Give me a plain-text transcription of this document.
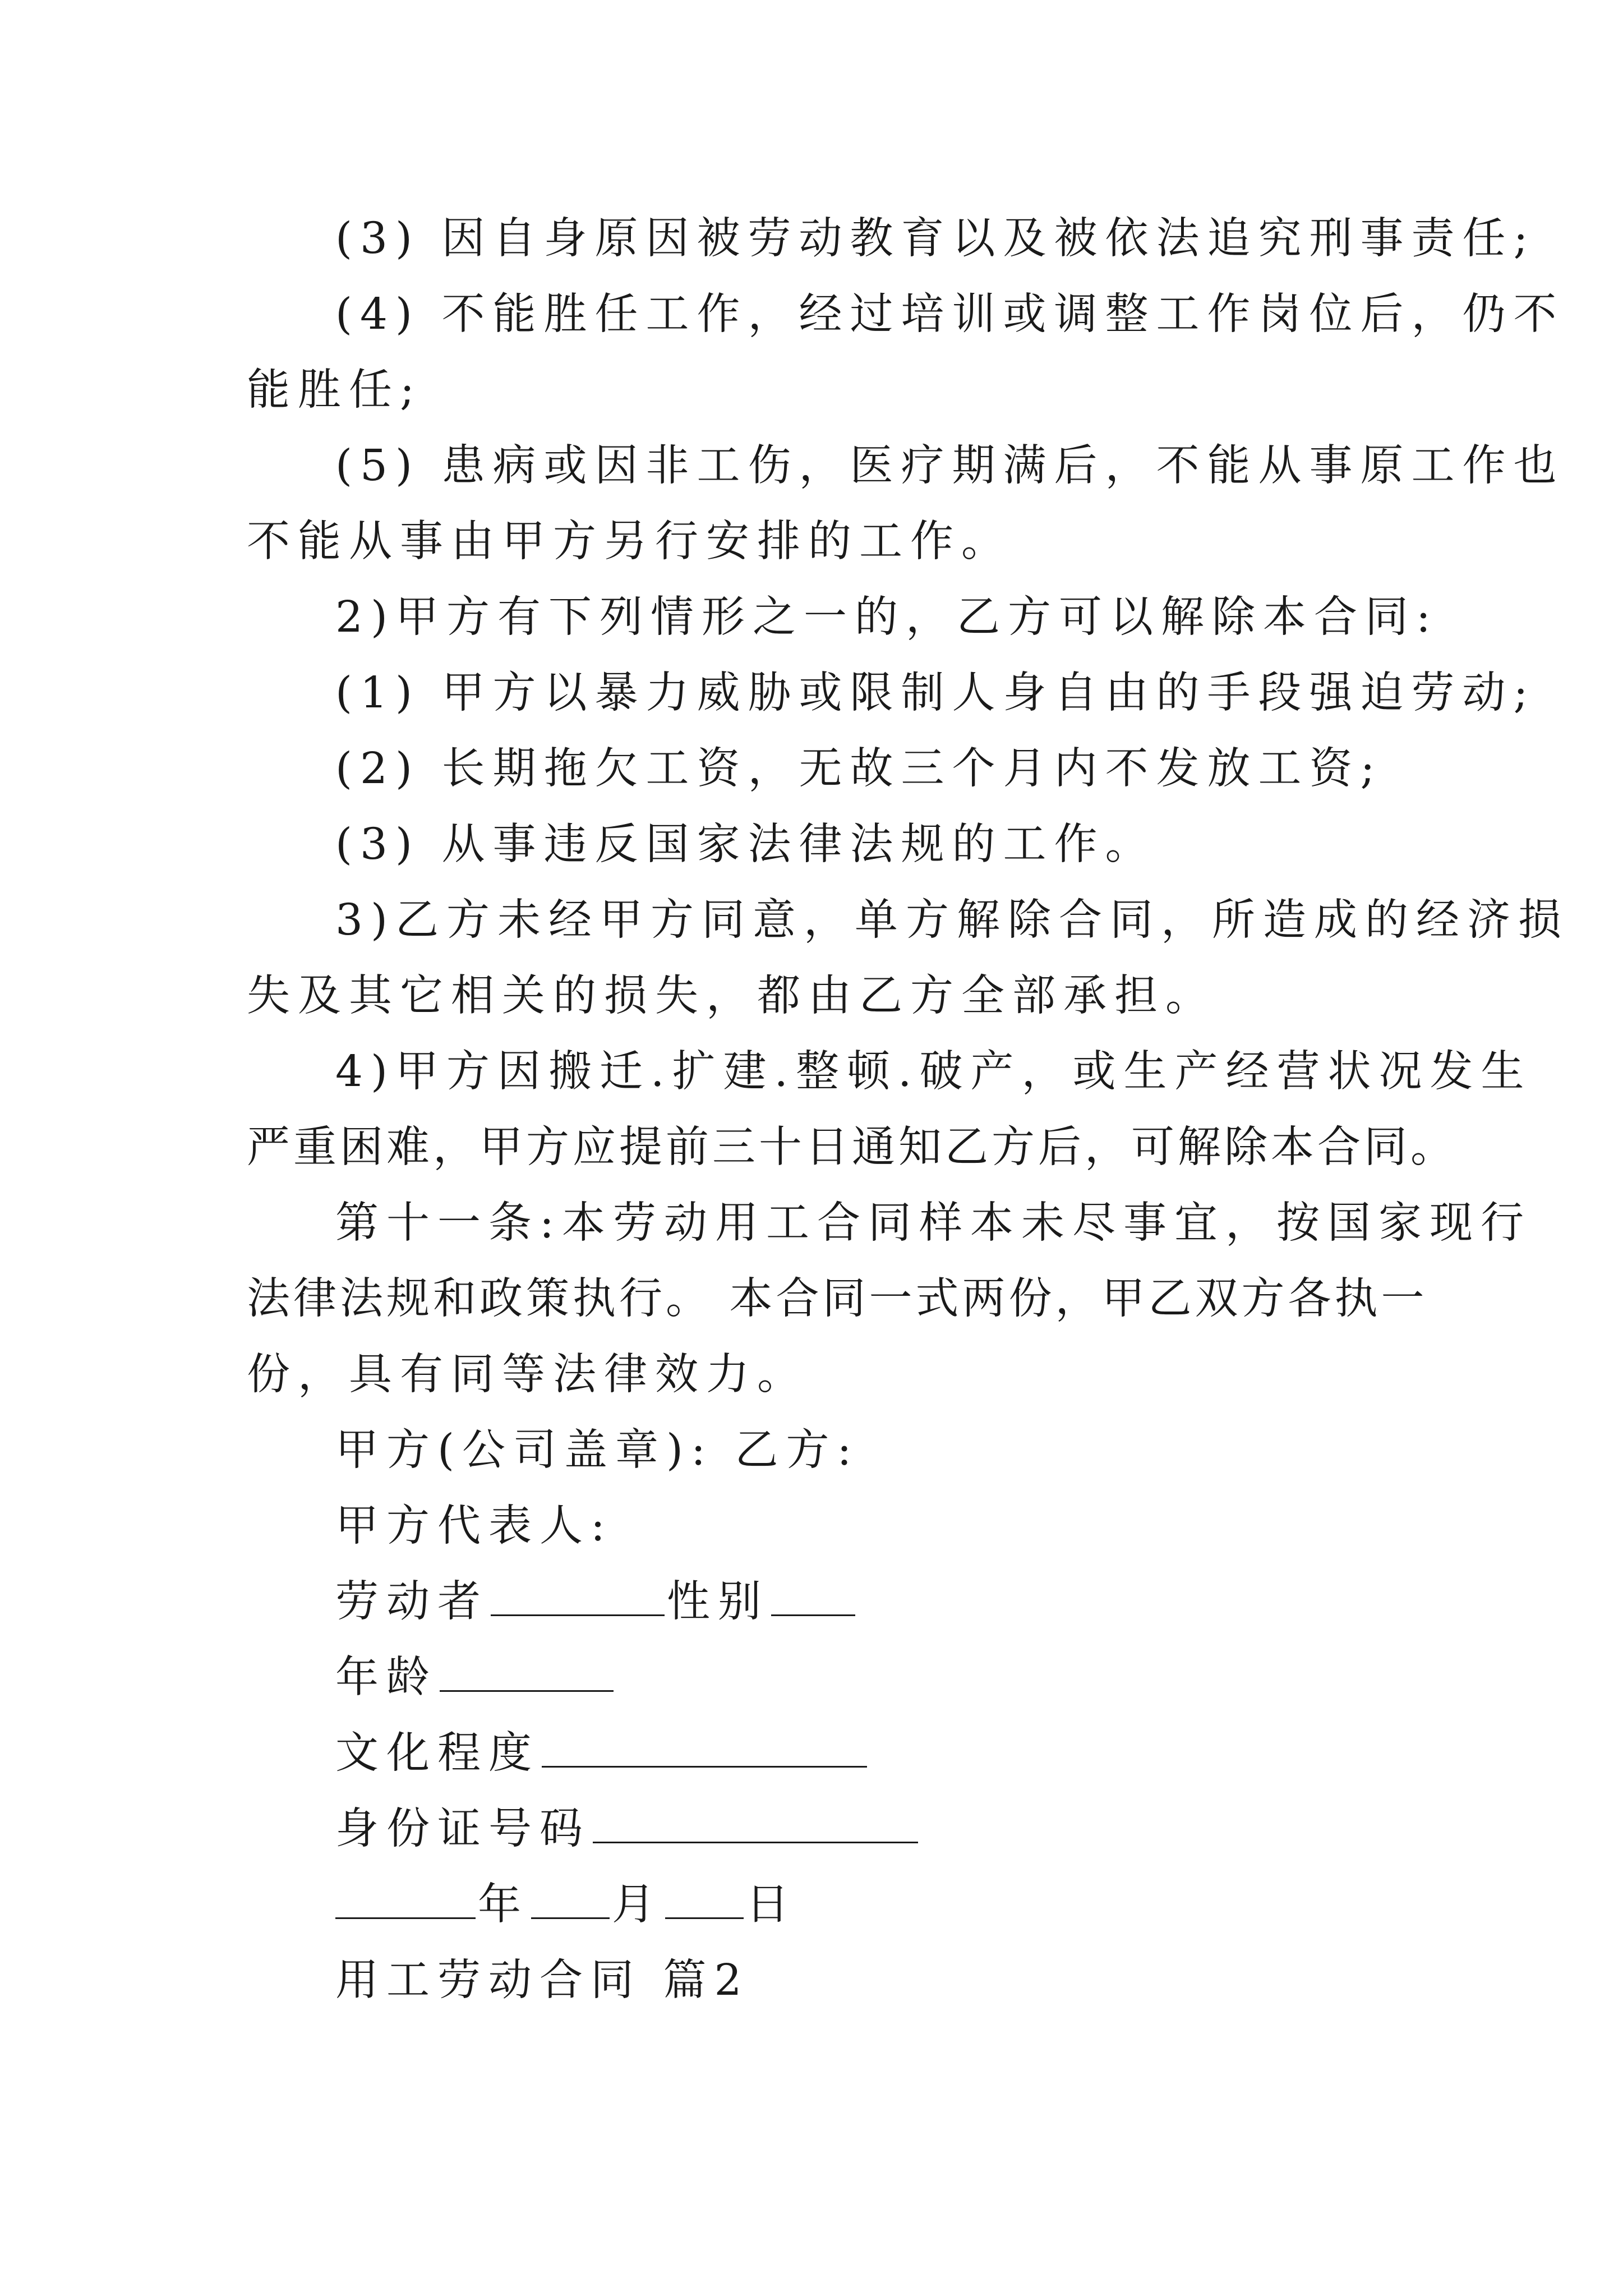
(3) 因自身原因被劳动教育以及被依法追究刑事责任;
(4) 不能胜任工作，经过培训或调整工作岗位后，仍不
能胜任;
(5) 患病或因非工伤，医疗期满后，不能从事原工作也
不能从事由甲方另行安排的工作。
2)甲方有下列情形之一的，乙方可以解除本合同:
(1) 甲方以暴力威胁或限制人身自由的手段强迫劳动;
(2) 长期拖欠工资，无故三个月内不发放工资;
(3) 从事违反国家法律法规的工作。
3)乙方未经甲方同意，单方解除合同，所造成的经济损
失及其它相关的损失，都由乙方全部承担。
4)甲方因搬迁.扩建.整顿.破产，或生产经营状况发生
严重困难，甲方应提前三十日通知乙方后，可解除本合同。
第十一条:本劳动用工合同样本未尽事宜，按国家现行
法律法规和政策执行。 本合同一式两份，甲乙双方各执一
份，具有同等法律效力。
甲方(公司盖章): 乙方:
甲方代表人:
劳动者	性别
年龄
文化程度
身份证号码
年 月 日
用工劳动合同 篇2
